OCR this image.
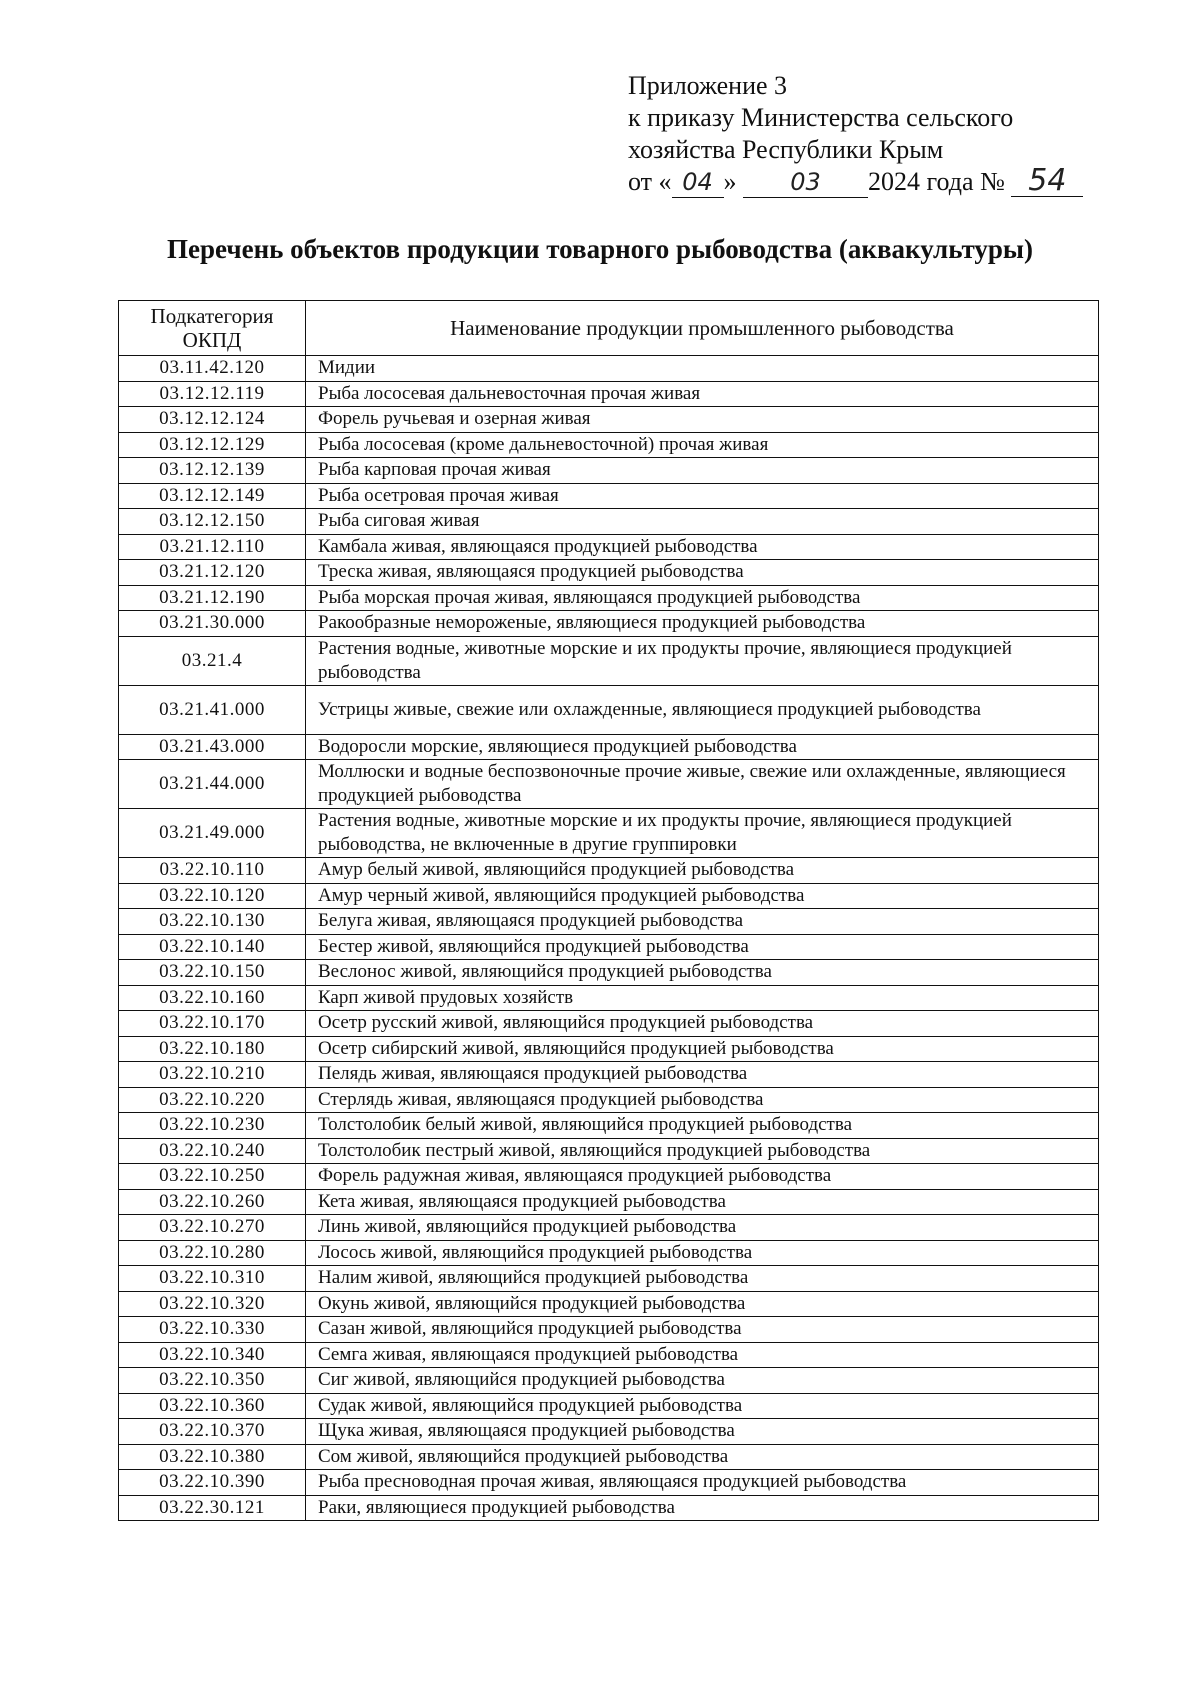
Приложение 3
к приказу Министерства сельского
хозяйства Республики Крым
от « 04 » 03 2024 года № 54
Перечень объектов продукции товарного рыбоводства (аквакультуры)
Подкатегория ОКПД	Наименование продукции промышленного рыбоводства
03.11.42.120	Мидии
03.12.12.119	Рыба лососевая дальневосточная прочая живая
03.12.12.124	Форель ручьевая и озерная живая
03.12.12.129	Рыба лососевая (кроме дальневосточной) прочая живая
03.12.12.139	Рыба карповая прочая живая
03.12.12.149	Рыба осетровая прочая живая
03.12.12.150	Рыба сиговая живая
03.21.12.110	Камбала живая, являющаяся продукцией рыбоводства
03.21.12.120	Треска живая, являющаяся продукцией рыбоводства
03.21.12.190	Рыба морская прочая живая, являющаяся продукцией рыбоводства
03.21.30.000	Ракообразные немороженые, являющиеся продукцией рыбоводства
03.21.4	Растения водные, животные морские и их продукты прочие, являющиеся продукцией рыбоводства
03.21.41.000	Устрицы живые, свежие или охлажденные, являющиеся продукцией рыбоводства
03.21.43.000	Водоросли морские, являющиеся продукцией рыбоводства
03.21.44.000	Моллюски и водные беспозвоночные прочие живые, свежие или охлажденные, являющиеся продукцией рыбоводства
03.21.49.000	Растения водные, животные морские и их продукты прочие, являющиеся продукцией рыбоводства, не включенные в другие группировки
03.22.10.110	Амур белый живой, являющийся продукцией рыбоводства
03.22.10.120	Амур черный живой, являющийся продукцией рыбоводства
03.22.10.130	Белуга живая, являющаяся продукцией рыбоводства
03.22.10.140	Бестер живой, являющийся продукцией рыбоводства
03.22.10.150	Веслонос живой, являющийся продукцией рыбоводства
03.22.10.160	Карп живой прудовых хозяйств
03.22.10.170	Осетр русский живой, являющийся продукцией рыбоводства
03.22.10.180	Осетр сибирский живой, являющийся продукцией рыбоводства
03.22.10.210	Пелядь живая, являющаяся продукцией рыбоводства
03.22.10.220	Стерлядь живая, являющаяся продукцией рыбоводства
03.22.10.230	Толстолобик белый живой, являющийся продукцией рыбоводства
03.22.10.240	Толстолобик пестрый живой, являющийся продукцией рыбоводства
03.22.10.250	Форель радужная живая, являющаяся продукцией рыбоводства
03.22.10.260	Кета живая, являющаяся продукцией рыбоводства
03.22.10.270	Линь живой, являющийся продукцией рыбоводства
03.22.10.280	Лосось живой, являющийся продукцией рыбоводства
03.22.10.310	Налим живой, являющийся продукцией рыбоводства
03.22.10.320	Окунь живой, являющийся продукцией рыбоводства
03.22.10.330	Сазан живой, являющийся продукцией рыбоводства
03.22.10.340	Семга живая, являющаяся продукцией рыбоводства
03.22.10.350	Сиг живой, являющийся продукцией рыбоводства
03.22.10.360	Судак живой, являющийся продукцией рыбоводства
03.22.10.370	Щука живая, являющаяся продукцией рыбоводства
03.22.10.380	Сом живой, являющийся продукцией рыбоводства
03.22.10.390	Рыба пресноводная прочая живая, являющаяся продукцией рыбоводства
03.22.30.121	Раки, являющиеся продукцией рыбоводства
